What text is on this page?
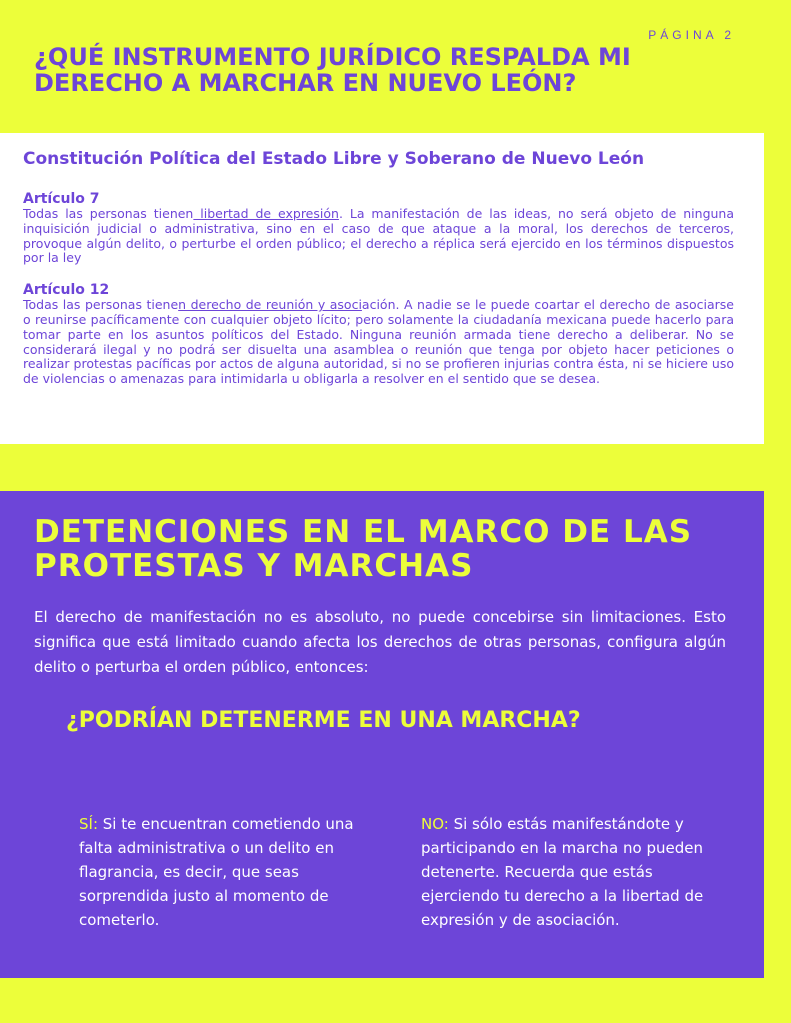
PÁGINA 2
¿QUÉ INSTRUMENTO JURÍDICO RESPALDA MI DERECHO A MARCHAR EN NUEVO LEÓN?
Constitución Política del Estado Libre y Soberano de Nuevo León
Artículo 7

Todas las personas tienen libertad de expresión. La manifestación de las ideas, no será objeto de ninguna inquisición judicial o administrativa, sino en el caso de que ataque a la moral, los derechos de terceros, provoque algún delito, o perturbe el orden público; el derecho a réplica será ejercido en los términos dispuestos por la ley

Artículo 12

Todas las personas tienen derecho de reunión y asociación. A nadie se le puede coartar el derecho de asociarse o reunirse pacíficamente con cualquier objeto lícito; pero solamente la ciudadanía mexicana puede hacerlo para tomar parte en los asuntos políticos del Estado. Ninguna reunión armada tiene derecho a deliberar. No se considerará ilegal y no podrá ser disuelta una asamblea o reunión que tenga por objeto hacer peticiones o realizar protestas pacíficas por actos de alguna autoridad, si no se profieren injurias contra ésta, ni se hiciere uso de violencias o amenazas para intimidarla u obligarla a resolver en el sentido que se desea.

DETENCIONES EN EL MARCO DE LAS PROTESTAS Y MARCHAS

El derecho de manifestación no es absoluto, no puede concebirse sin limitaciones. Esto significa que está limitado cuando afecta los derechos de otras personas, configura algún delito o perturba el orden público, entonces:

¿PODRÍAN DETENERME EN UNA MARCHA?

SÍ: Si te encuentran cometiendo una falta administrativa o un delito en flagrancia, es decir, que seas sorprendida justo al momento de cometerlo.

NO: Si sólo estás manifestándote y participando en la marcha no pueden detenerte. Recuerda que estás ejerciendo tu derecho a la libertad de expresión y de asociación.
